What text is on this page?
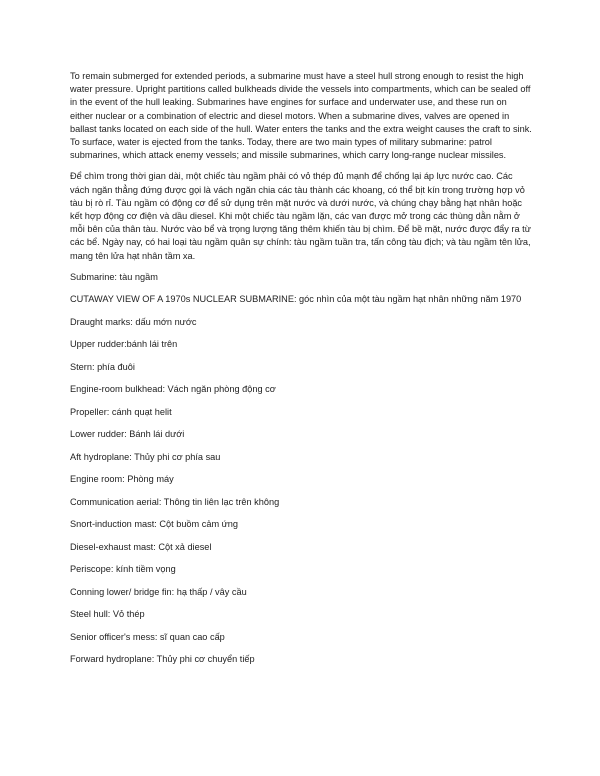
To remain submerged for extended periods, a submarine must have a steel hull strong enough to resist the high water pressure. Upright partitions called bulkheads divide the vessels into compartments, which can be sealed off in the event of the hull leaking. Submarines have engines for surface and underwater use, and these run on either nuclear or a combination of electric and diesel motors. When a submarine dives, valves are opened in ballast tanks located on each side of the hull. Water enters the tanks and the extra weight causes the craft to sink. To surface, water is ejected from the tanks. Today, there are two main types of military submarine: patrol submarines, which attack enemy vessels; and missile submarines, which carry long-range nuclear missiles.

Để chìm trong thời gian dài, một chiếc tàu ngầm phải có vỏ thép đủ mạnh để chống lại áp lực nước cao. Các vách ngăn thẳng đứng được gọi là vách ngăn chia các tàu thành các khoang, có thể bịt kín trong trường hợp vỏ tàu bị rò rỉ. Tàu ngầm có động cơ để sử dụng trên mặt nước và dưới nước, và chúng chạy bằng hạt nhân hoặc kết hợp động cơ điện và dầu diesel. Khi một chiếc tàu ngầm lặn, các van được mở trong các thùng dằn nằm ở mỗi bên của thân tàu. Nước vào bể và trọng lượng tăng thêm khiến tàu bị chìm. Để bề mặt, nước được đẩy ra từ các bể. Ngày nay, có hai loại tàu ngầm quân sự chính: tàu ngầm tuần tra, tấn công tàu địch; và tàu ngầm tên lửa, mang tên lửa hạt nhân tầm xa.

Submarine: tàu ngầm

CUTAWAY VIEW OF A 1970s NUCLEAR SUBMARINE: góc nhìn của một tàu ngầm hạt nhân những năm 1970

Draught marks: dấu mớn nước

Upper rudder:bánh lái trên

Stern: phía đuôi

Engine-room bulkhead: Vách ngăn phòng động cơ

Propeller: cánh quạt helit

Lower rudder: Bánh lái dưới

Aft hydroplane: Thủy phi cơ phía sau

Engine room: Phòng máy

Communication aerial: Thông tin liên lạc trên không

Snort-induction mast: Cột buồm cảm ứng

Diesel-exhaust mast: Cột xả diesel

Periscope: kính tiềm vọng

Conning lower/ bridge fin: hạ thấp / vây cầu

Steel hull: Vỏ thép

Senior officer's mess: sĩ quan cao cấp

Forward hydroplane: Thủy phi cơ chuyển tiếp
